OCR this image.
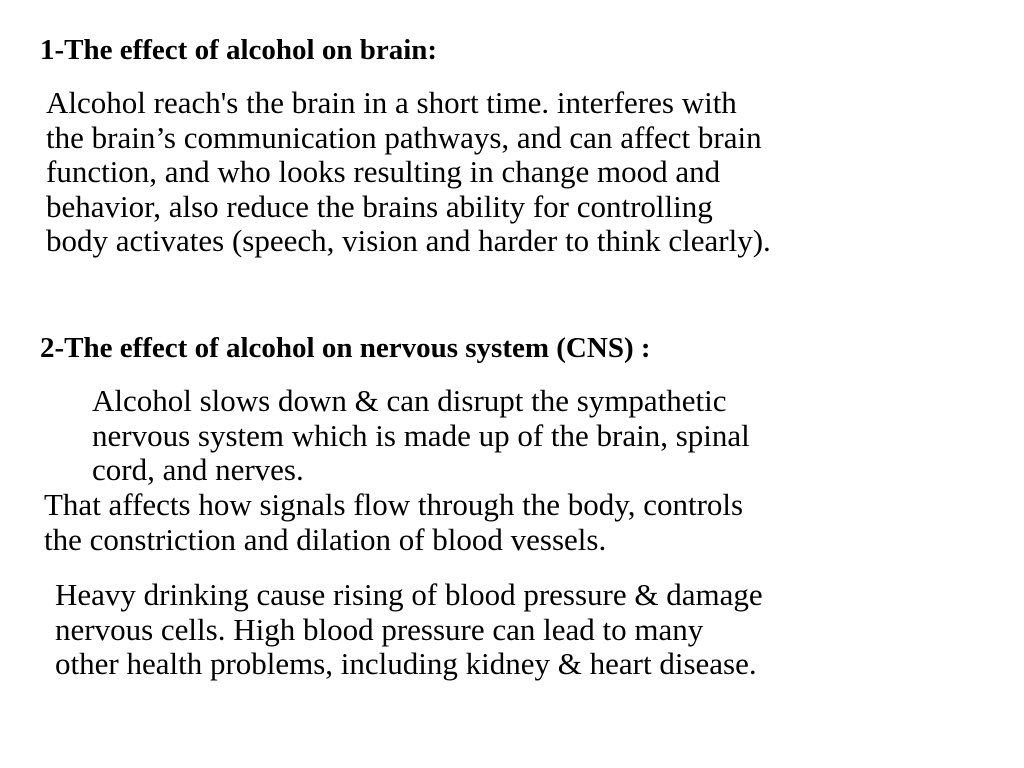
1-The effect of alcohol on brain:

Alcohol reach's the brain in a short time. interferes with
the brain’s communication pathways, and can affect brain
function, and who looks resulting in change mood and
behavior, also reduce the brains ability for controlling
body activates (speech, vision and harder to think clearly).

2-The effect of alcohol on nervous system (CNS) :

Alcohol slows down & can disrupt the sympathetic
nervous system which is made up of the brain, spinal
cord, and nerves.

That affects how signals flow through the body, controls
the constriction and dilation of blood vessels.

Heavy drinking cause rising of blood pressure & damage
nervous cells. High blood pressure can lead to many
other health problems, including kidney & heart disease.
